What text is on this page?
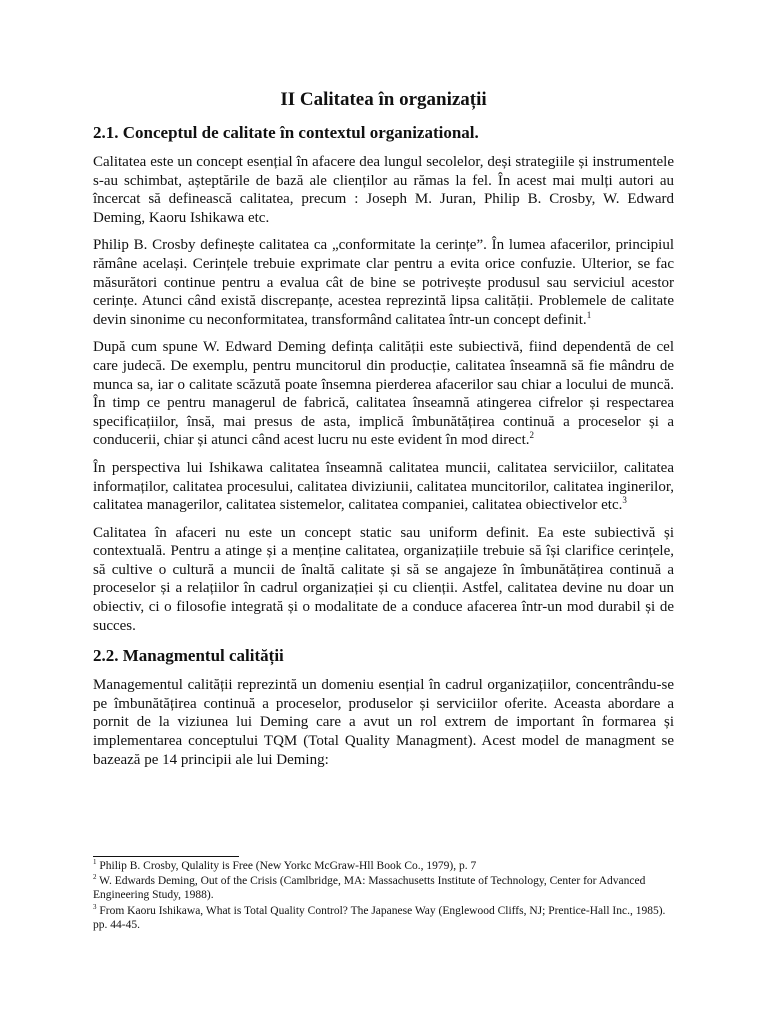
II Calitatea în organizații
2.1. Conceptul de calitate în contextul organizational.

Calitatea este un concept esențial în afacere dea lungul secolelor, deși strategiile și instrumentele s-au schimbat, așteptările de bază ale clienților au rămas la fel. În acest mai mulți autori au încercat să definească calitatea, precum : Joseph M. Juran, Philip B. Crosby, W. Edward Deming, Kaoru Ishikawa etc.

Philip B. Crosby definește calitatea ca „conformitate la cerințe”. În lumea afacerilor, principiul rămâne același. Cerințele trebuie exprimate clar pentru a evita orice confuzie. Ulterior, se fac măsurători continue pentru a evalua cât de bine se potrivește produsul sau serviciul acestor cerințe. Atunci când există discrepanțe, acestea reprezintă lipsa calității. Problemele de calitate devin sinonime cu neconformitatea, transformând calitatea într-un concept definit.$^1$

După cum spune W. Edward Deming defința calității este subiectivă, fiind dependentă de cel care judecă. De exemplu, pentru muncitorul din producție, calitatea înseamnă să fie mândru de munca sa, iar o calitate scăzută poate însemna pierderea afacerilor sau chiar a locului de muncă. În timp ce pentru managerul de fabrică, calitatea înseamnă atingerea cifrelor și respectarea specificațiilor, însă, mai presus de asta, implică îmbunătățirea continuă a proceselor și a conducerii, chiar și atunci când acest lucru nu este evident în mod direct.$^2$

În perspectiva lui Ishikawa calitatea înseamnă calitatea muncii, calitatea serviciilor, calitatea informaților, calitatea procesului, calitatea diviziunii, calitatea muncitorilor, calitatea inginerilor, calitatea managerilor, calitatea sistemelor, calitatea companiei, calitatea obiectivelor etc.$^3$

Calitatea în afaceri nu este un concept static sau uniform definit. Ea este subiectivă și contextuală. Pentru a atinge și a menține calitatea, organizațiile trebuie să își clarifice cerințele, să cultive o cultură a muncii de înaltă calitate și să se angajeze în îmbunătățirea continuă a proceselor și a relațiilor în cadrul organizației și cu clienții. Astfel, calitatea devine nu doar un obiectiv, ci o filosofie integrată și o modalitate de a conduce afacerea într-un mod durabil și de succes.

2.2. Managmentul calității

Managementul calității reprezintă un domeniu esențial în cadrul organizațiilor, concentrându-se pe îmbunătățirea continuă a proceselor, produselor și serviciilor oferite. Aceasta abordare a pornit de la viziunea lui Deming care a avut un rol extrem de important în formarea și implementarea conceptului TQM (Total Quality Managment). Acest model de managment se bazează pe 14 principii ale lui Deming:

$^1$ Philip B. Crosby, Qulality is Free (New Yorkc McGraw-Hll Book Co., 1979), p. 7

$^2$ W. Edwards Deming, Out of the Crisis (Camlbridge, MA: Massachusetts Institute of Technology, Center for Advanced Engineering Study, 1988).

$^3$ From Kaoru Ishikawa, What is Total Quality Control? The Japanese Way (Englewood Cliffs, NJ; Prentice-Hall Inc., 1985). pp. 44-45.
